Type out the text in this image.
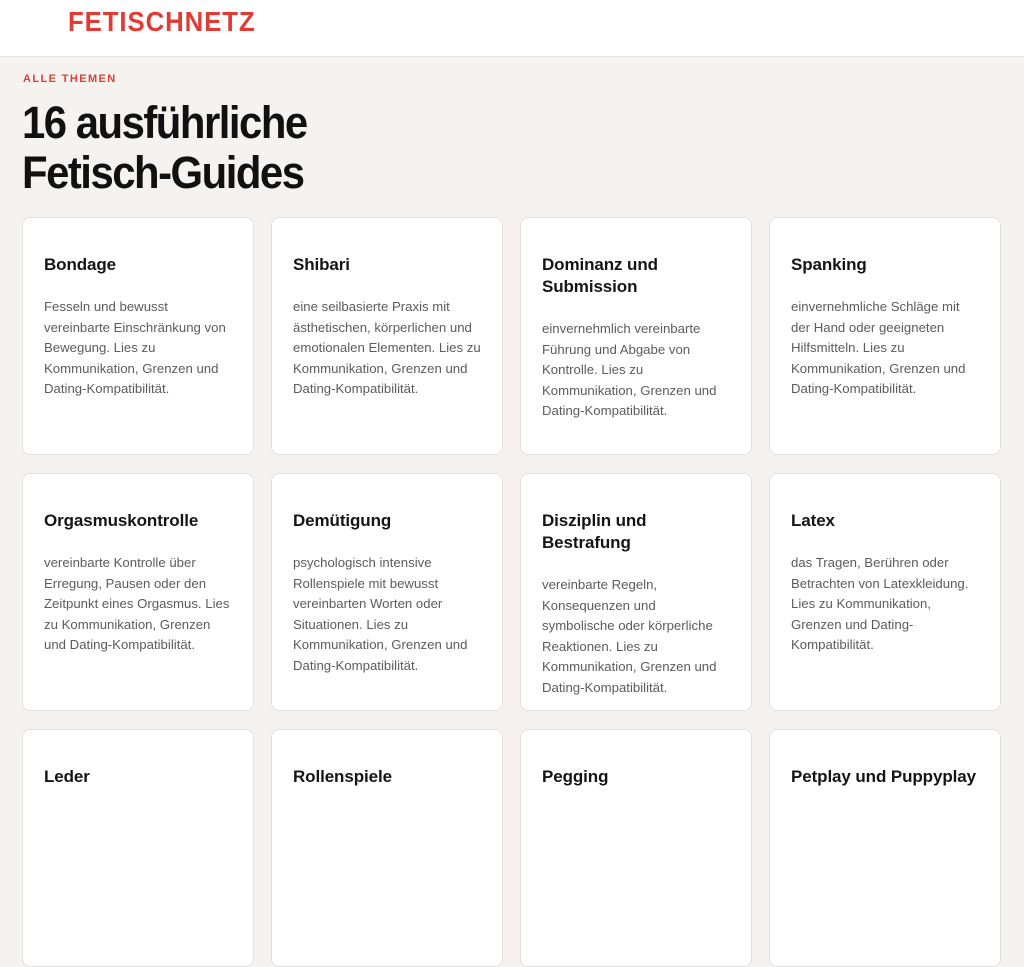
FETISCHNETZ
ALLE THEMEN
16 ausführliche
Fetisch-Guides
Bondage
Fesseln und bewusst vereinbarte Einschränkung von Bewegung. Lies zu Kommunikation, Grenzen und Dating-Kompatibilität.
Shibari
eine seilbasierte Praxis mit ästhetischen, körperlichen und emotionalen Elementen. Lies zu Kommunikation, Grenzen und Dating-Kompatibilität.
Dominanz und Submission
einvernehmlich vereinbarte Führung und Abgabe von Kontrolle. Lies zu Kommunikation, Grenzen und Dating-Kompatibilität.
Spanking
einvernehmliche Schläge mit der Hand oder geeigneten Hilfsmitteln. Lies zu Kommunikation, Grenzen und Dating-Kompatibilität.
Orgasmuskontrolle
vereinbarte Kontrolle über Erregung, Pausen oder den Zeitpunkt eines Orgasmus. Lies zu Kommunikation, Grenzen und Dating-Kompatibilität.
Demütigung
psychologisch intensive Rollenspiele mit bewusst vereinbarten Worten oder Situationen. Lies zu Kommunikation, Grenzen und Dating-Kompatibilität.
Disziplin und Bestrafung
vereinbarte Regeln, Konsequenzen und symbolische oder körperliche Reaktionen. Lies zu Kommunikation, Grenzen und Dating-Kompatibilität.
Latex
das Tragen, Berühren oder Betrachten von Latexkleidung. Lies zu Kommunikation, Grenzen und Dating-Kompatibilität.
Leder	Rollenspiele	Pegging	Petplay und Puppyplay
